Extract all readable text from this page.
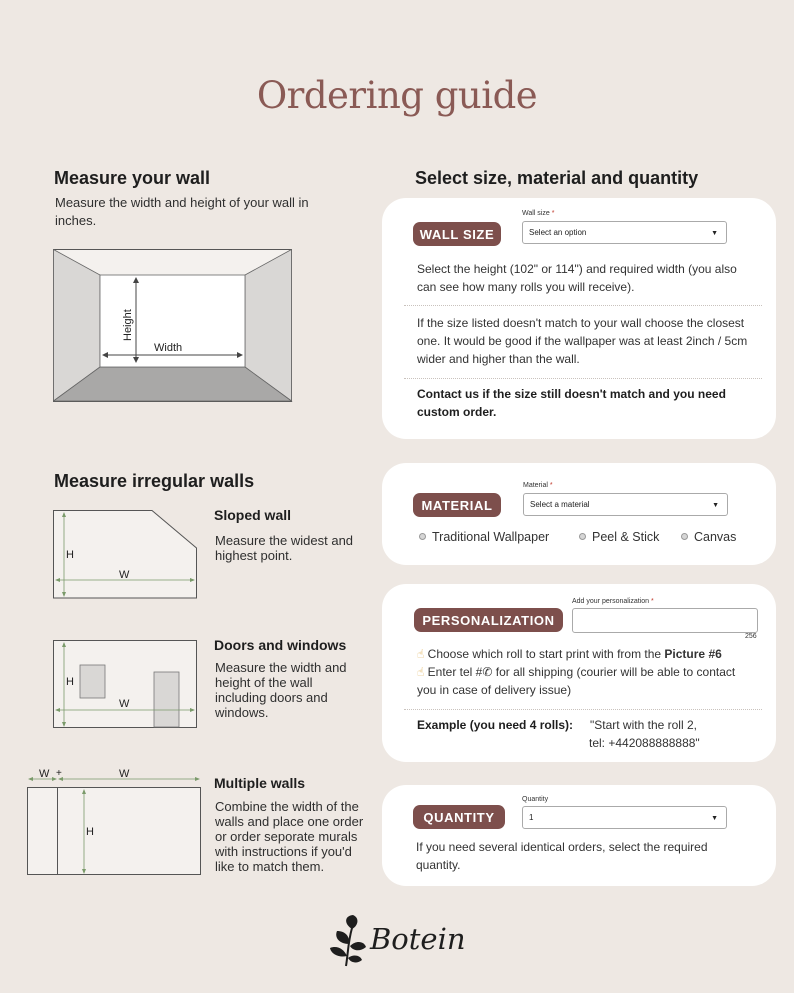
Ordering guide
Measure your wall
Measure the width and height of your wall in inches.
Height
Width
Measure irregular walls
H
W
Sloped wall
Measure the widest and highest point.
H
W
Doors and windows
Measure the width and height of the wall including doors and windows.
W +	W
H
Multiple walls
Combine the width of the walls and place one order or order seporate murals with instructions if you'd like to match them.
Select size, material and quantity
WALL SIZE
Wall size *
Select an option	▼
Select the height (102" or 114") and required width (you also can see how many rolls you will receive).
If the size listed doesn't match to your wall choose the closest one. It would be good if the wallpaper was at least 2inch / 5cm wider and higher than the wall.
Contact us if the size still doesn't match and you need custom order.
MATERIAL
Material *
Select a material	▼
Traditional Wallpaper	Peel & Stick	Canvas
PERSONALIZATION
Add your personalization *
256
☝ Choose which roll to start print with from the Picture #6
☝ Enter tel #✆ for all shipping (courier will be able to contact you in case of delivery issue)
Example (you need 4 rolls): "Start with the roll 2,
tel: +442088888888"
QUANTITY
Quantity
1	▼
If you need several identical orders, select the required quantity.
Botein
